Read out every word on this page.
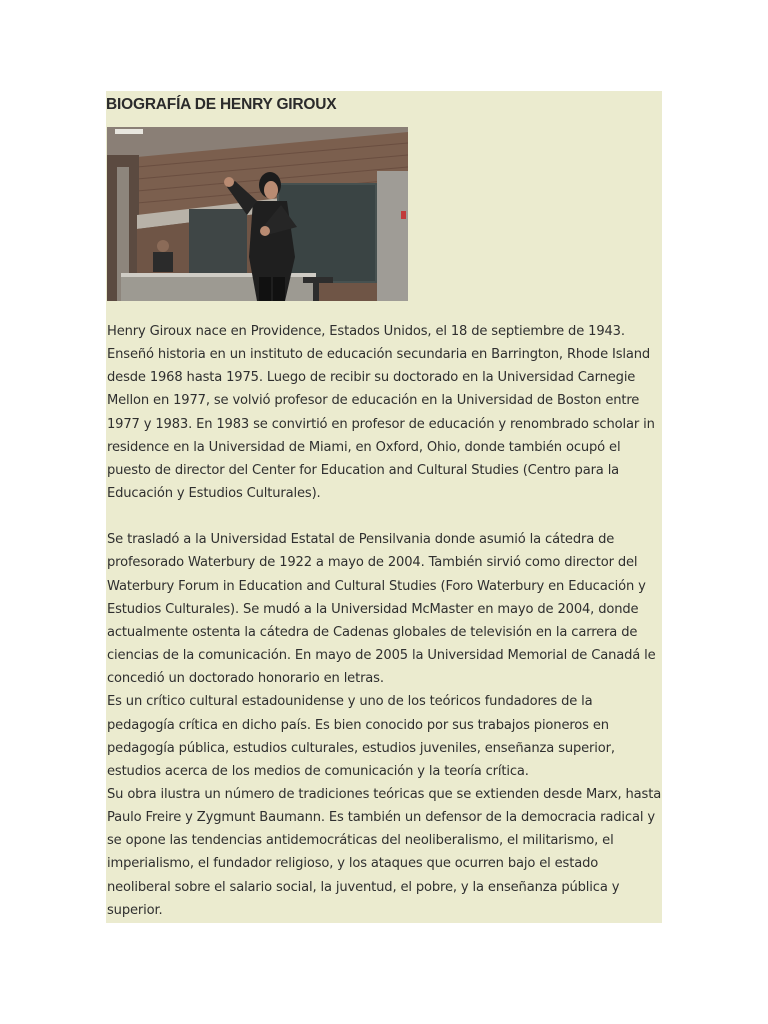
BIOGRAFÍA DE HENRY GIROUX

Henry Giroux nace en Providence, Estados Unidos, el 18 de septiembre de 1943. Enseñó historia en un instituto de educación secundaria en Barrington, Rhode Island desde 1968 hasta 1975. Luego de recibir su doctorado en la Universidad Carnegie Mellon en 1977, se volvió profesor de educación en la Universidad de Boston entre 1977 y 1983. En 1983 se convirtió en profesor de educación y renombrado scholar in residence en la Universidad de Miami, en Oxford, Ohio, donde también ocupó el puesto de director del Center for Education and Cultural Studies (Centro para la Educación y Estudios Culturales).

Se trasladó a la Universidad Estatal de Pensilvania donde asumió la cátedra de profesorado Waterbury de 1922 a mayo de 2004. También sirvió como director del Waterbury Forum in Education and Cultural Studies (Foro Waterbury en Educación y Estudios Culturales). Se mudó a la Universidad McMaster en mayo de 2004, donde actualmente ostenta la cátedra de Cadenas globales de televisión en la carrera de ciencias de la comunicación. En mayo de 2005 la Universidad Memorial de Canadá le concedió un doctorado honorario en letras.

Es un crítico cultural estadounidense y uno de los teóricos fundadores de la pedagogía crítica en dicho país. Es bien conocido por sus trabajos pioneros en pedagogía pública, estudios culturales, estudios juveniles, enseñanza superior, estudios acerca de los medios de comunicación y la teoría crítica.

Su obra ilustra un número de tradiciones teóricas que se extienden desde Marx, hasta Paulo Freire y Zygmunt Baumann. Es también un defensor de la democracia radical y se opone las tendencias antidemocráticas del neoliberalismo, el militarismo, el imperialismo, el fundador religioso, y los ataques que ocurren bajo el estado neoliberal sobre el salario social, la juventud, el pobre, y la enseñanza pública y superior.
